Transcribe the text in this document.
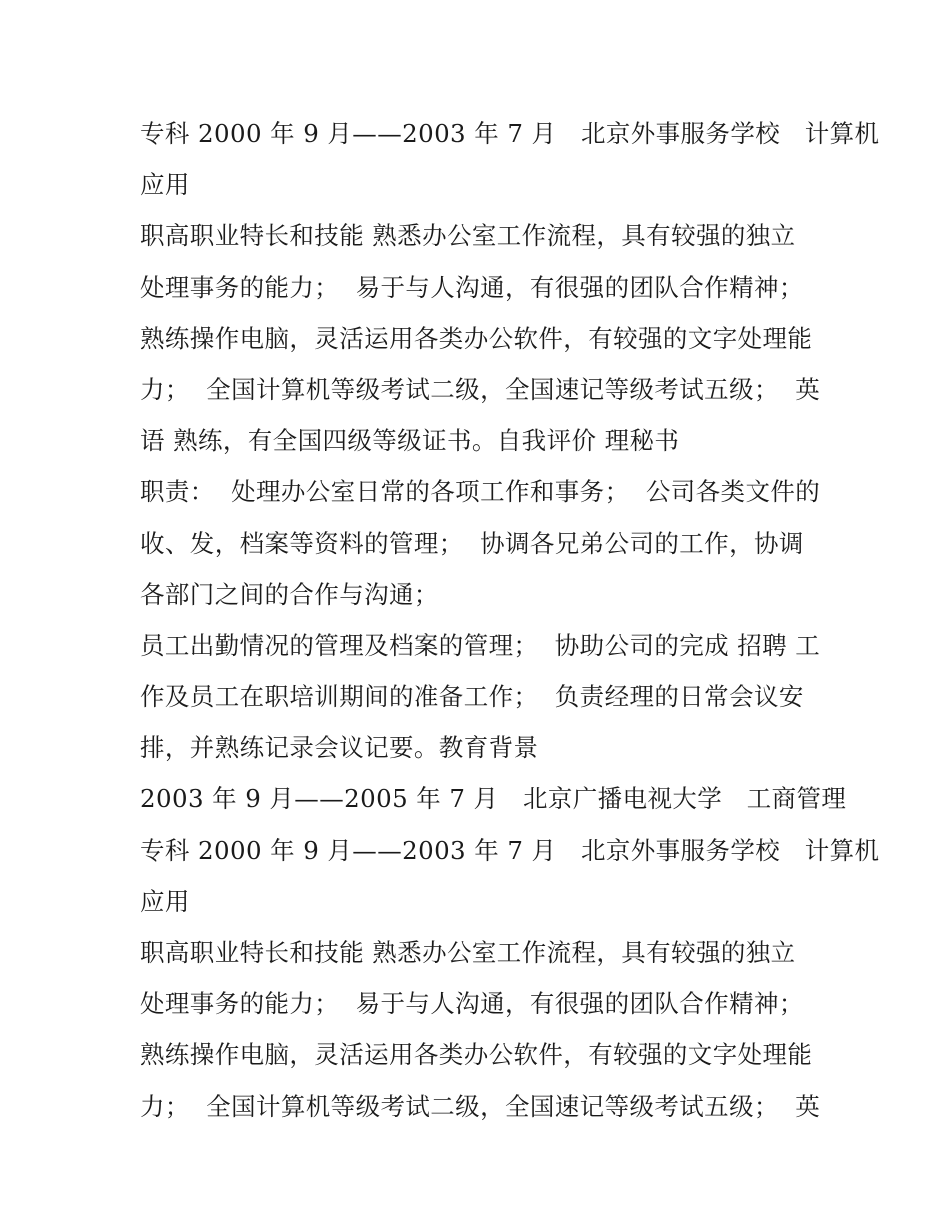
专科 2000 年 9 月——2003 年 7 月   北京外事服务学校   计算机
应用
职高职业特长和技能 熟悉办公室工作流程，具有较强的独立
处理事务的能力；  易于与人沟通，有很强的团队合作精神；
熟练操作电脑，灵活运用各类办公软件，有较强的文字处理能
力；  全国计算机等级考试二级，全国速记等级考试五级；  英
语 熟练，有全国四级等级证书。自我评价 理秘书
职责：  处理办公室日常的各项工作和事务；  公司各类文件的
收、发，档案等资料的管理；  协调各兄弟公司的工作，协调
各部门之间的合作与沟通；
员工出勤情况的管理及档案的管理；  协助公司的完成 招聘 工
作及员工在职培训期间的准备工作；  负责经理的日常会议安
排，并熟练记录会议记要。教育背景
2003 年 9 月——2005 年 7 月   北京广播电视大学   工商管理
专科 2000 年 9 月——2003 年 7 月   北京外事服务学校   计算机
应用
职高职业特长和技能 熟悉办公室工作流程，具有较强的独立
处理事务的能力；  易于与人沟通，有很强的团队合作精神；
熟练操作电脑，灵活运用各类办公软件，有较强的文字处理能
力；  全国计算机等级考试二级，全国速记等级考试五级；  英
